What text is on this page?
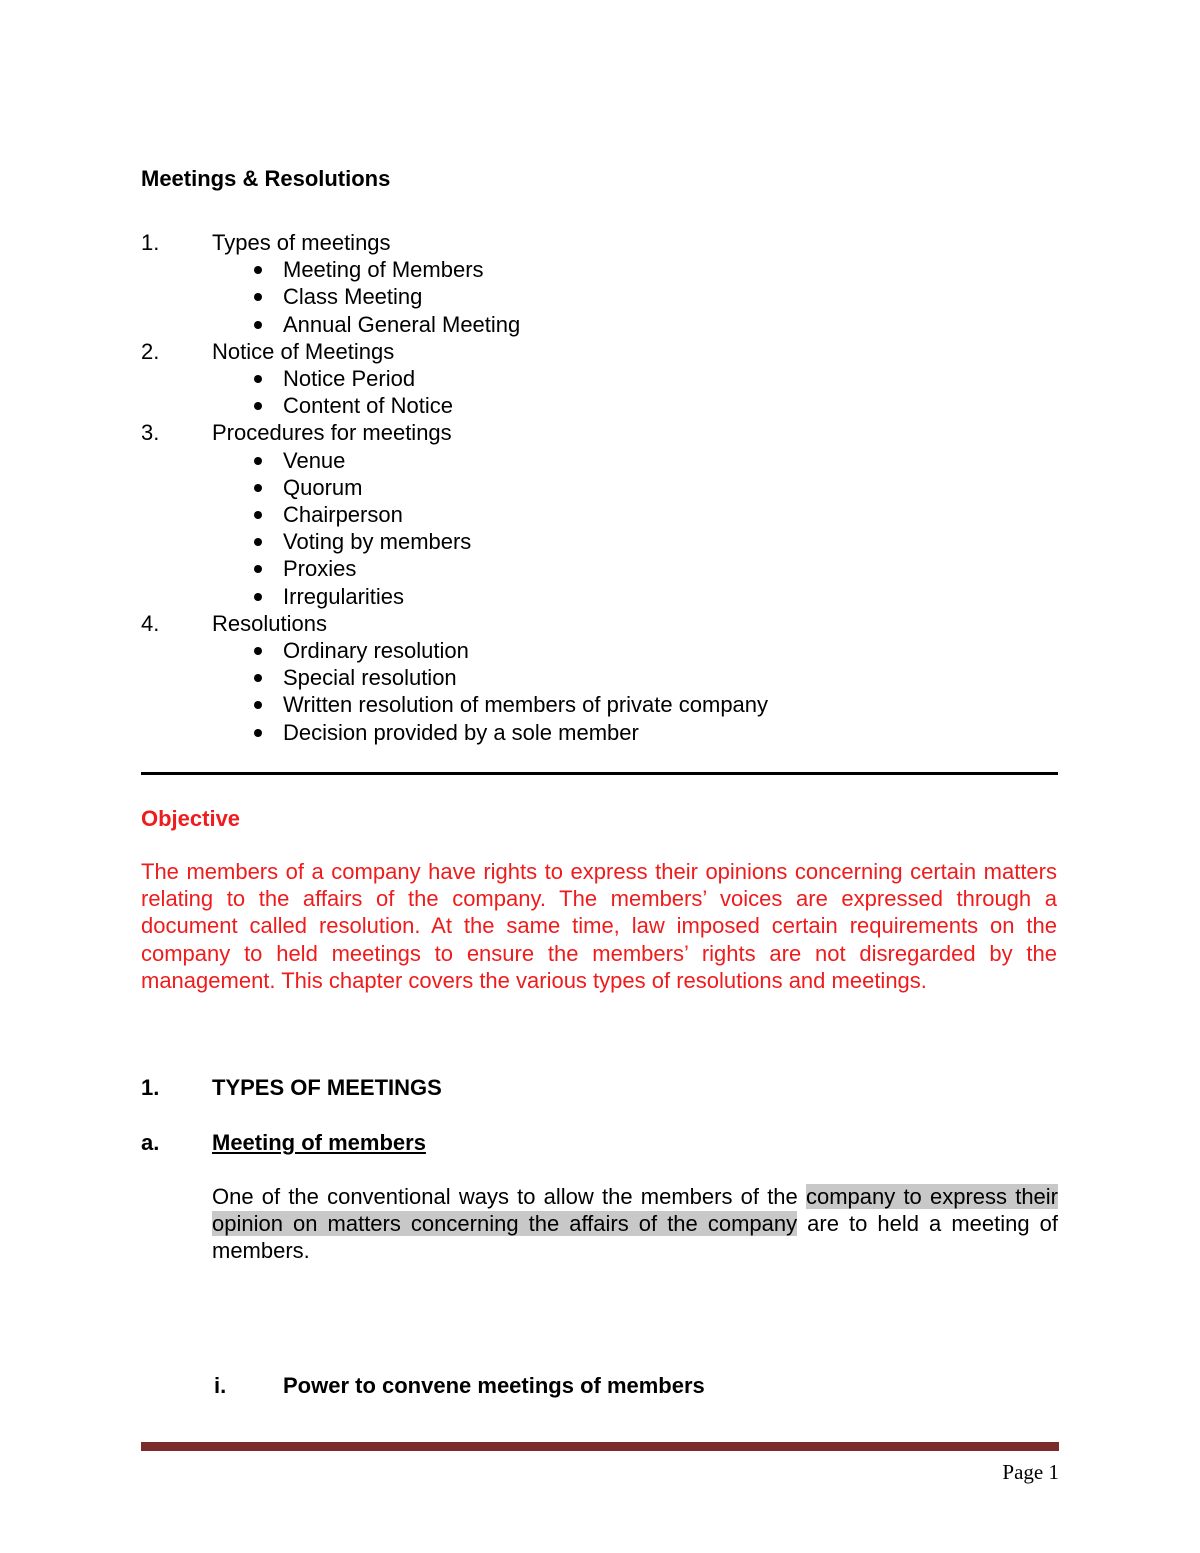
Meetings & Resolutions
1. Types of meetings
Meeting of Members
Class Meeting
Annual General Meeting
2. Notice of Meetings
Notice Period
Content of Notice
3. Procedures for meetings
Venue
Quorum
Chairperson
Voting by members
Proxies
Irregularities
4. Resolutions
Ordinary resolution
Special resolution
Written resolution of members of private company
Decision provided by a sole member
Objective

The members of a company have rights to express their opinions concerning certain matters relating to the affairs of the company. The members’ voices are expressed through a document called resolution. At the same time, law imposed certain requirements on the company to held meetings to ensure the members’ rights are not disregarded by the management. This chapter covers the various types of resolutions and meetings.

1. TYPES OF MEETINGS
a. Meeting of members

One of the conventional ways to allow the members of the company to express their opinion on matters concerning the affairs of the company are to held a meeting of members.

i.	Power to convene meetings of members

Page 1
